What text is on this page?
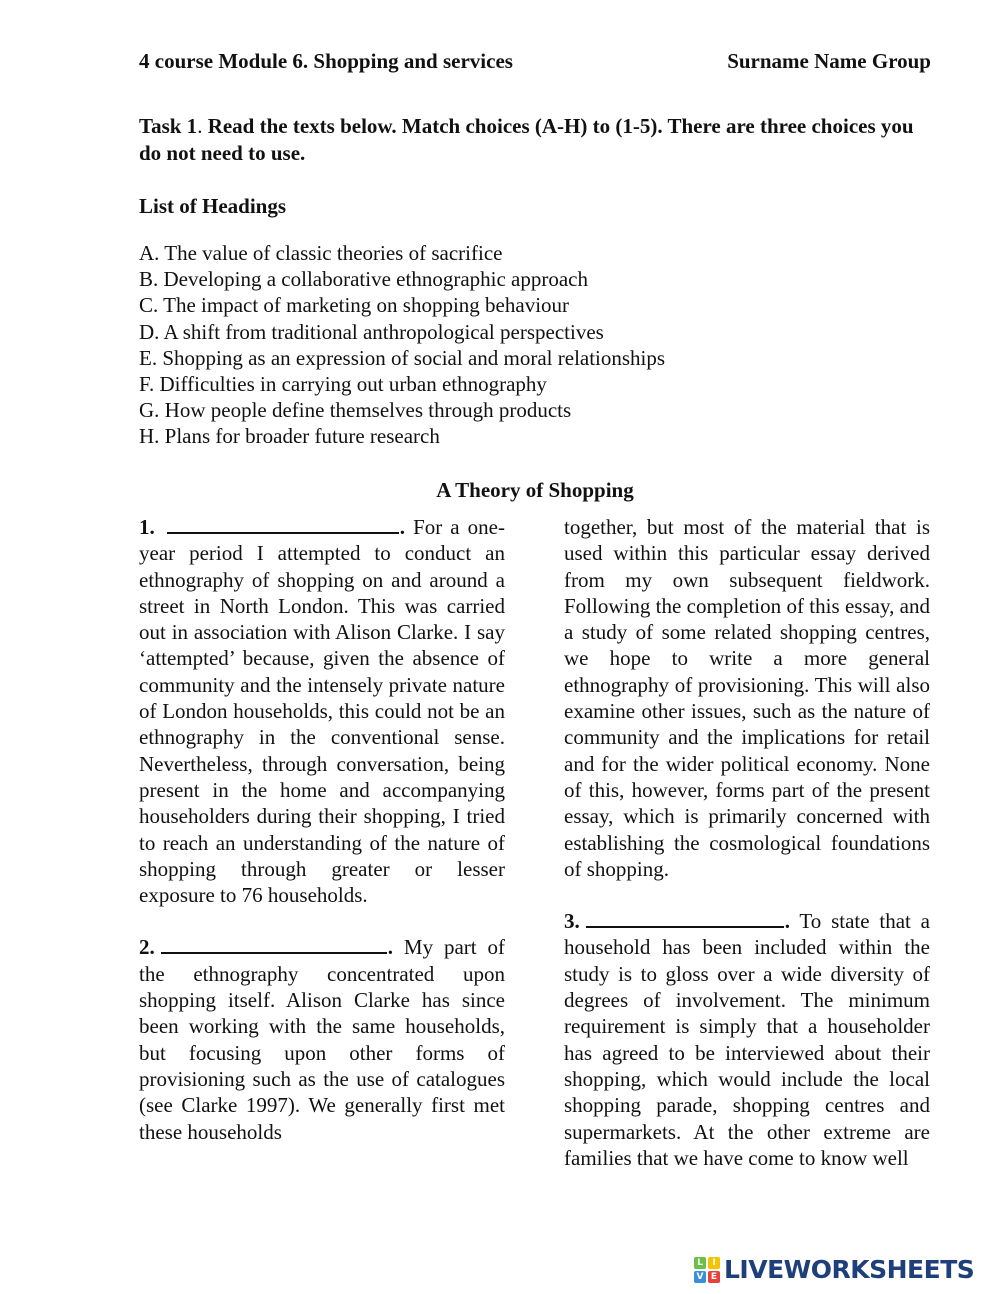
4 course Module 6. Shopping and services	Surname Name Group
Task 1. Read the texts below. Match choices (A-H) to (1-5). There are three choices you do not need to use.
List of Headings
A. The value of classic theories of sacrifice
B. Developing a collaborative ethnographic approach
C. The impact of marketing on shopping behaviour
D. A shift from traditional anthropological perspectives
E. Shopping as an expression of social and moral relationships
F. Difficulties in carrying out urban ethnography
G. How people define themselves through products
H. Plans for broader future research
A Theory of Shopping

1.	. For a one-year period I attempted to conduct an ethnography of shopping on and around a street in North London. This was carried out in association with Alison Clarke. I say ‘attempted’ because, given the absence of community and the intensely private nature of London households, this could not be an ethnography in the conventional sense. Nevertheless, through conversation, being present in the home and accompanying householders during their shopping, I tried to reach an understanding of the nature of shopping through greater or lesser exposure to 76 households.

2.	. My part of the ethnography concentrated upon shopping itself. Alison Clarke has since been working with the same households, but focusing upon other forms of provisioning such as the use of catalogues (see Clarke 1997). We generally first met these households

together, but most of the material that is used within this particular essay derived from my own subsequent fieldwork. Following the completion of this essay, and a study of some related shopping centres, we hope to write a more general ethnography of provisioning. This will also examine other issues, such as the nature of community and the implications for retail and for the wider political economy. None of this, however, forms part of the present essay, which is primarily concerned with establishing the cosmological foundations of shopping.

3.	. To state that a household has been included within the study is to gloss over a wide diversity of degrees of involvement. The minimum requirement is simply that a householder has agreed to be interviewed about their shopping, which would include the local shopping parade, shopping centres and supermarkets. At the other extreme are families that we have come to know well

L	I
V E LIVEWORKSHEETS
